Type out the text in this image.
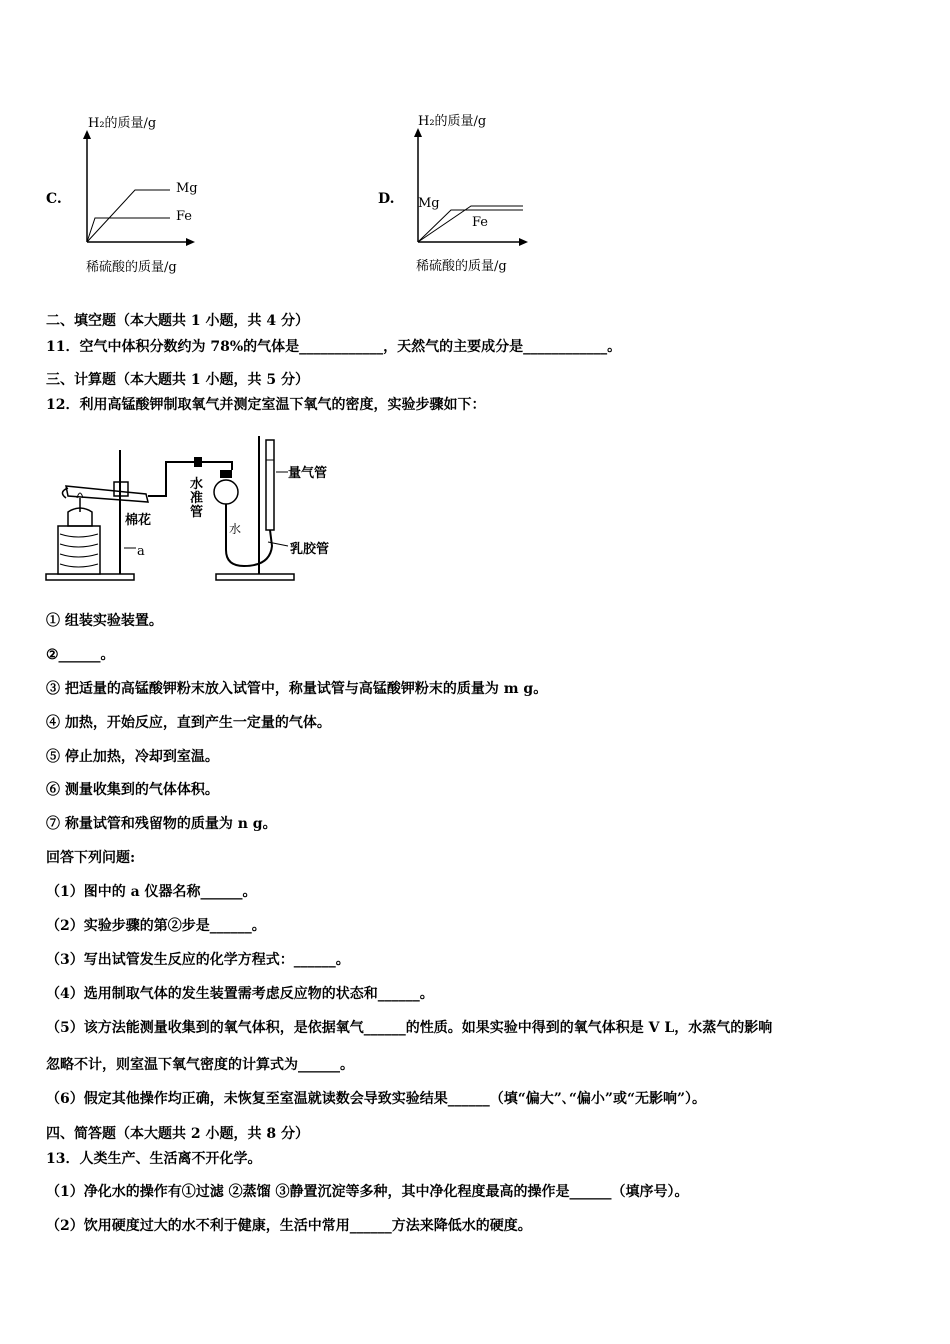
C.
H₂的质量/g
稀硫酸的质量/g
Mg
Fe
D.
H₂的质量/g
稀硫酸的质量/g
Mg
Fe
二、填空题（本大题共 1 小题，共 4 分）
11．空气中体积分数约为 78%的气体是____________，天然气的主要成分是____________。
三、计算题（本大题共 1 小题，共 5 分）
12．利用高锰酸钾制取氧气并测定室温下氧气的密度，实验步骤如下：
棉花
a
水准管
水
量气管
乳胶管
① 组装实验装置。
②______。
③ 把适量的高锰酸钾粉末放入试管中，称量试管与高锰酸钾粉末的质量为 m g。
④ 加热，开始反应，直到产生一定量的气体。
⑤ 停止加热，冷却到室温。
⑥ 测量收集到的气体体积。
⑦ 称量试管和残留物的质量为 n g。
回答下列问题:
（1）图中的 a 仪器名称______。
（2）实验步骤的第②步是______。
（3）写出试管发生反应的化学方程式：______。
（4）选用制取气体的发生装置需考虑反应物的状态和______。
（5）该方法能测量收集到的氧气体积，是依据氧气______的性质。如果实验中得到的氧气体积是 V L，水蒸气的影响
忽略不计，则室温下氧气密度的计算式为______。
（6）假定其他操作均正确，未恢复至室温就读数会导致实验结果______（填“偏大”､“偏小”或“无影响”）。
四、简答题（本大题共 2 小题，共 8 分）
13．人类生产、生活离不开化学。
（1）净化水的操作有①过滤 ②蒸馏 ③静置沉淀等多种，其中净化程度最高的操作是______（填序号）。
（2）饮用硬度过大的水不利于健康，生活中常用______方法来降低水的硬度。
